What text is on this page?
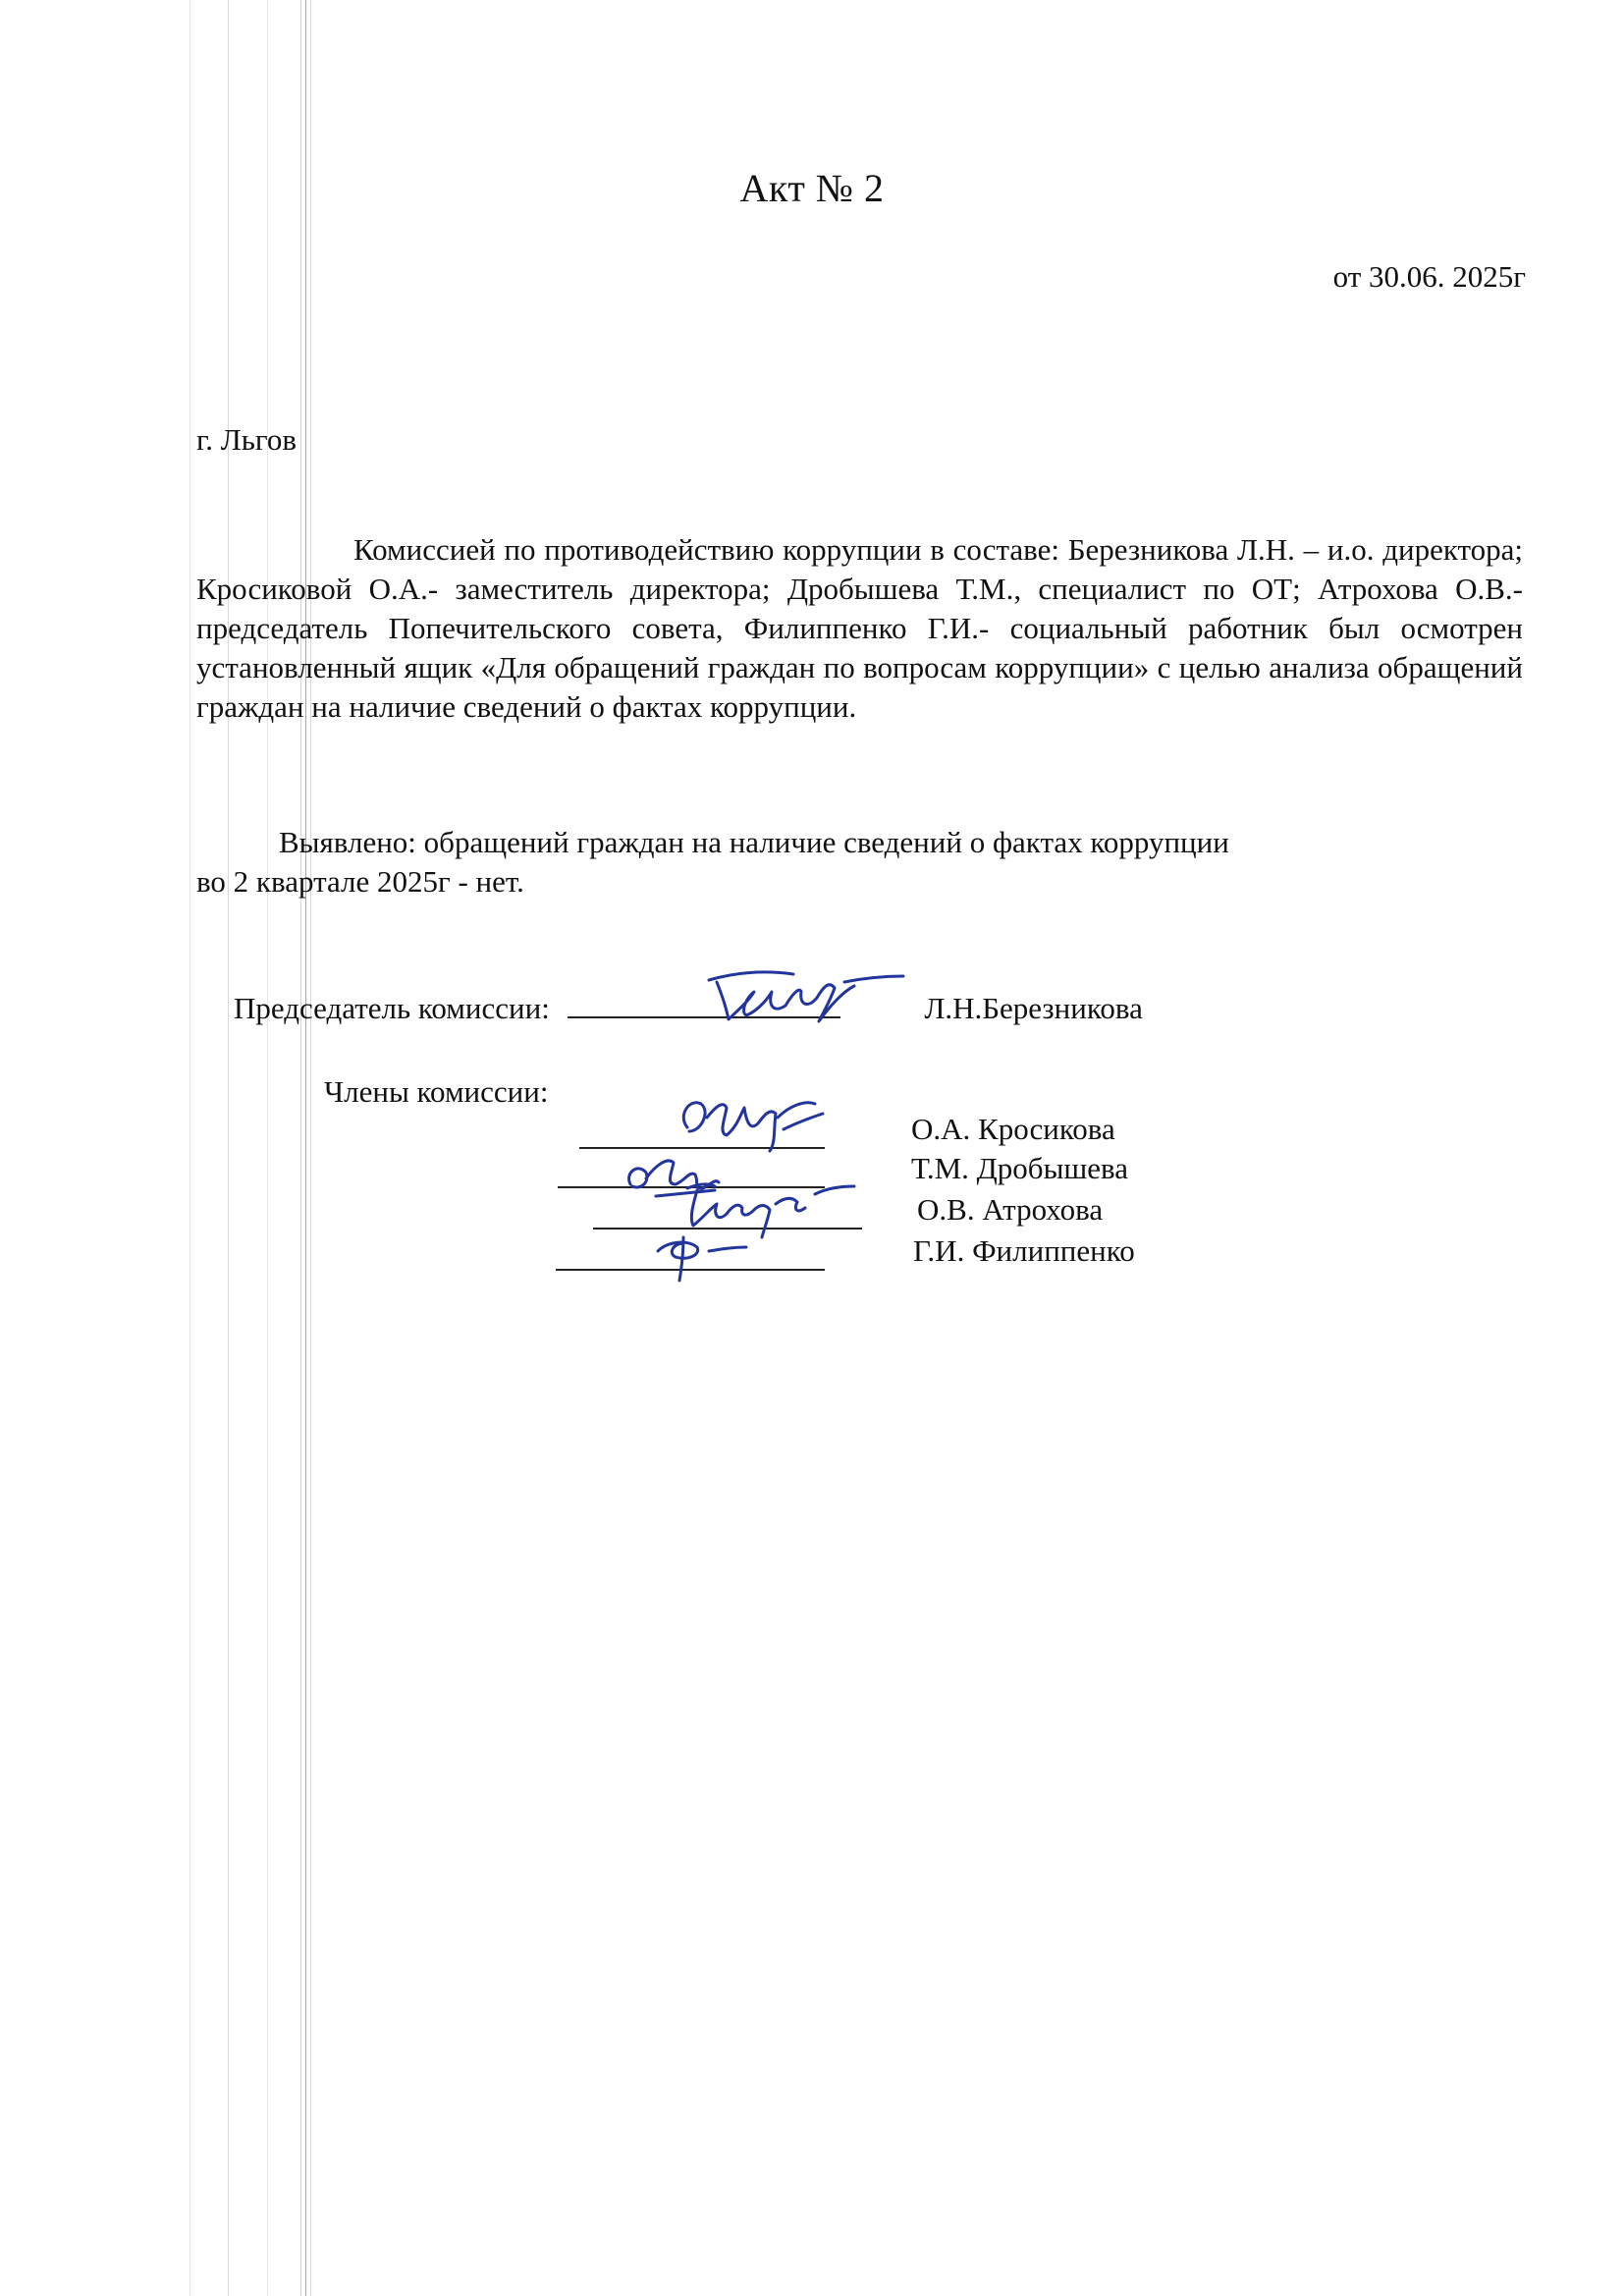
Акт № 2
от 30.06. 2025г
г. Льгов
Комиссией по противодействию коррупции в составе: Березникова Л.Н. – и.о. директора; Кросиковой О.А.- заместитель директора; Дробышева Т.М., специалист по ОТ; Атрохова О.В.- председатель Попечительского совета, Филиппенко Г.И.- социальный работник был осмотрен установленный ящик «Для обращений граждан по вопросам коррупции» с целью анализа обращений граждан на наличие сведений о фактах коррупции.
Выявлено: обращений граждан на наличие сведений о фактах коррупции
во 2 квартале 2025г - нет.
Председатель комиссии:	Л.Н.Березникова
Члены комиссии:
О.А. Кросикова
Т.М. Дробышева
О.В. Атрохова
Г.И. Филиппенко
